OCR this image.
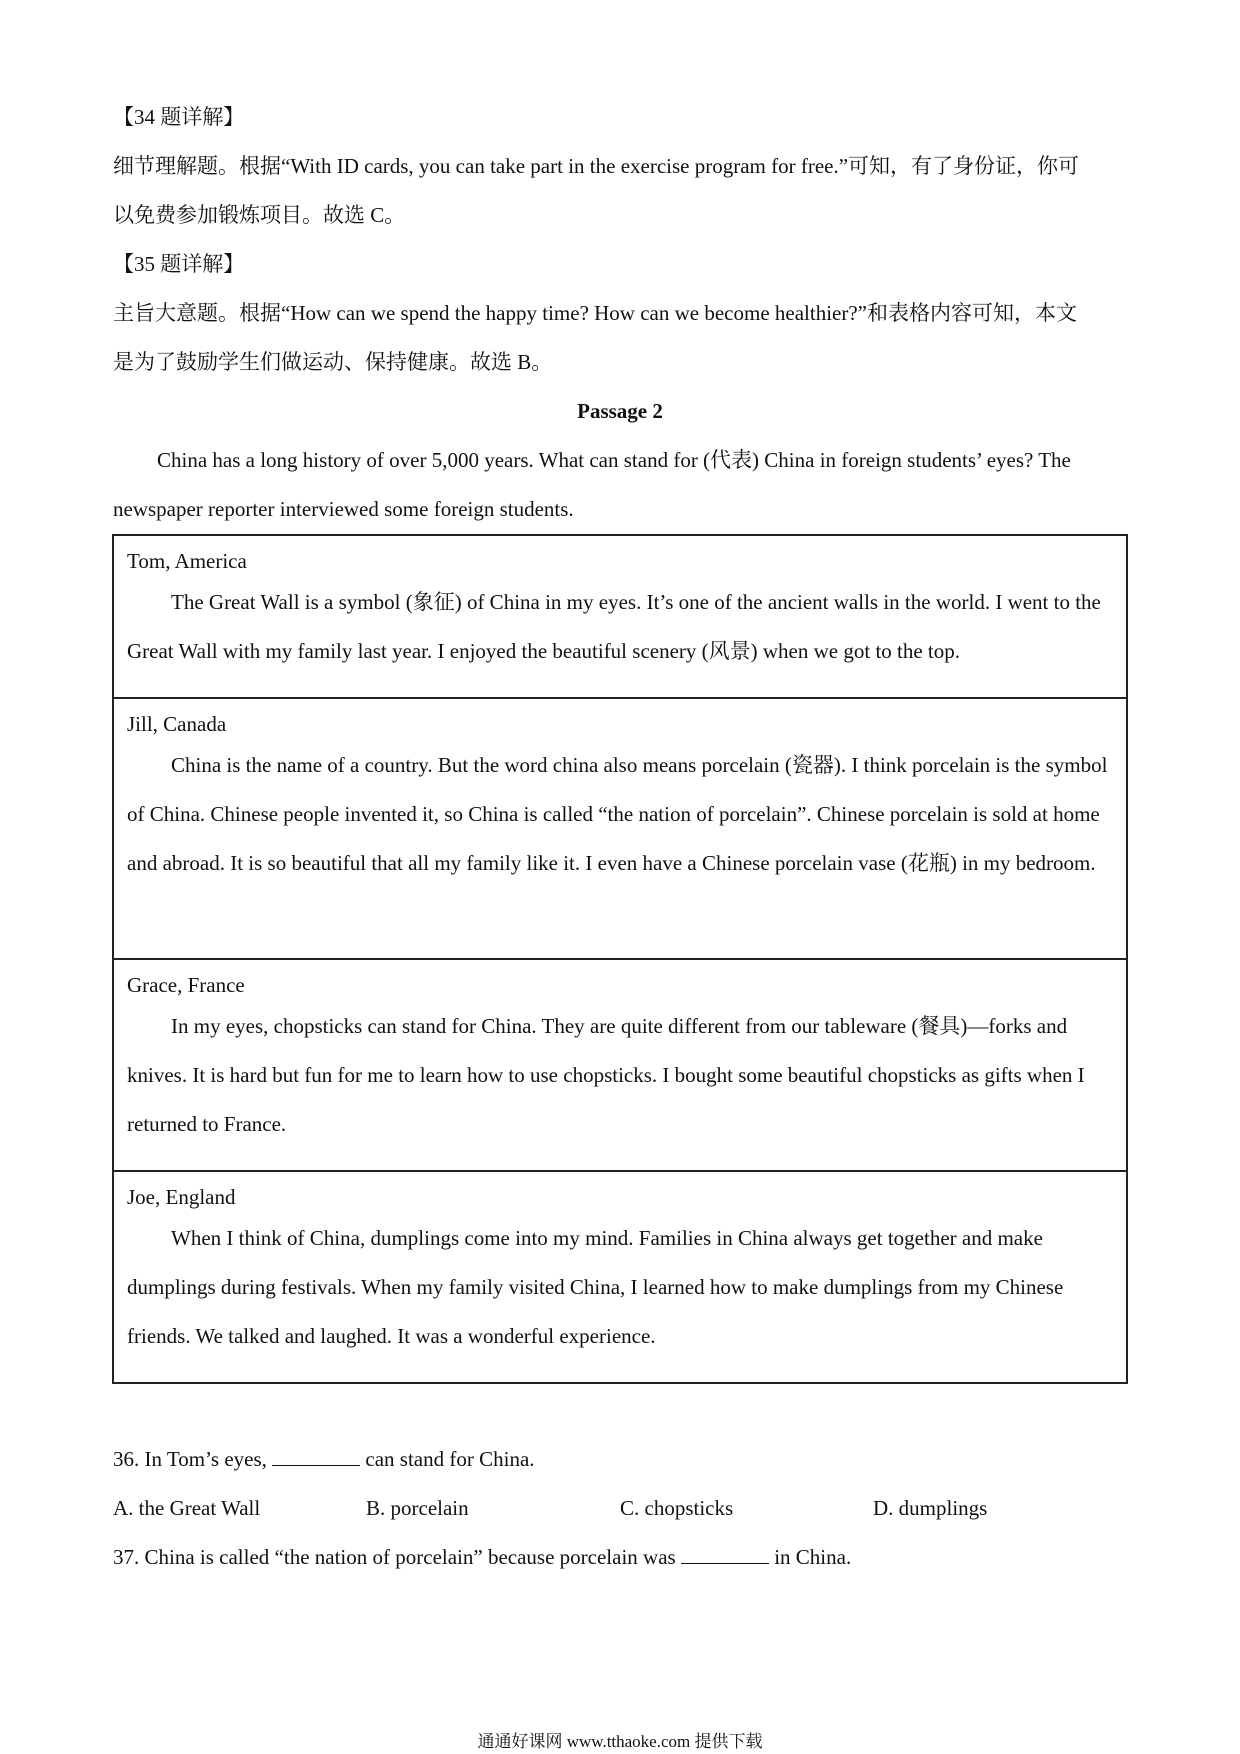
【34 题详解】
细节理解题。根据“With ID cards, you can take part in the exercise program for free.”可知，有了身份证，你可
以免费参加锻炼项目。故选 C。
【35 题详解】
主旨大意题。根据“How can we spend the happy time? How can we become healthier?”和表格内容可知，本文
是为了鼓励学生们做运动、保持健康。故选 B。
Passage 2
China has a long history of over 5,000 years. What can stand for (代表) China in foreign students’ eyes? The
newspaper reporter interviewed some foreign students.
Tom, America
The Great Wall is a symbol (象征) of China in my eyes. It’s one of the ancient walls in the world. I went to the Great Wall with my family last year. I enjoyed the beautiful scenery (风景) when we got to the top.

Jill, Canada
China is the name of a country. But the word china also means porcelain (瓷器). I think porcelain is the symbol of China. Chinese people invented it, so China is called “the nation of porcelain”. Chinese porcelain is sold at home and abroad. It is so beautiful that all my family like it. I even have a Chinese porcelain vase (花瓶) in my bedroom.

Grace, France
In my eyes, chopsticks can stand for China. They are quite different from our tableware (餐具)—forks and knives. It is hard but fun for me to learn how to use chopsticks. I bought some beautiful chopsticks as gifts when I returned to France.

Joe, England
When I think of China, dumplings come into my mind. Families in China always get together and make dumplings during festivals. When my family visited China, I learned how to make dumplings from my Chinese friends. We talked and laughed. It was a wonderful experience.
36. In Tom’s eyes,	can stand for China.
A. the Great Wall	B. porcelain	C. chopsticks	D. dumplings
37. China is called “the nation of porcelain” because porcelain was	in China.
通通好课网 www.tthaoke.com 提供下载
